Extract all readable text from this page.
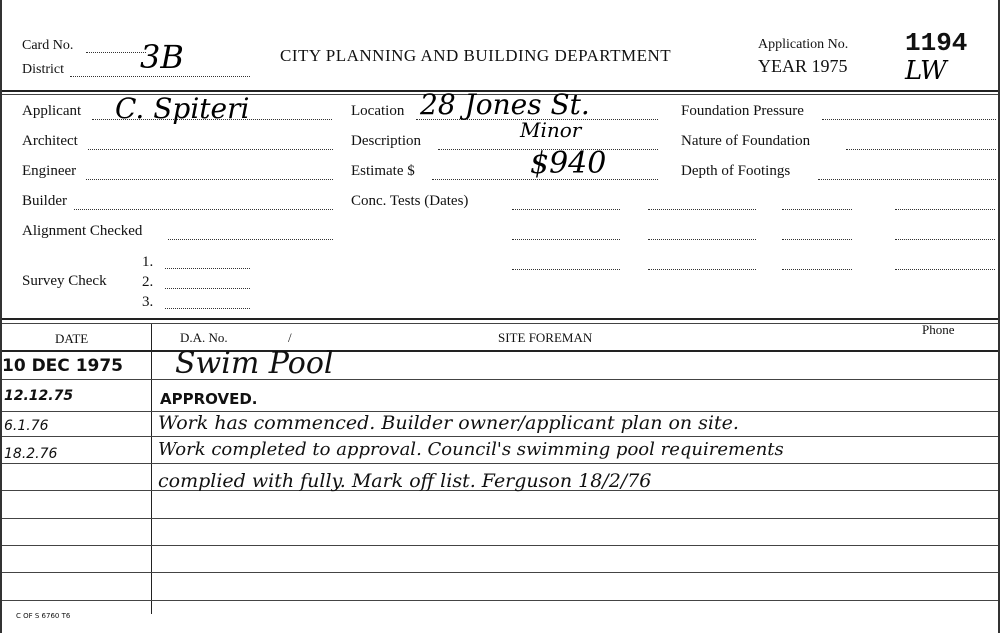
Card No.
District 3B	CITY PLANNING AND BUILDING DEPARTMENT
Application No.
YEAR 1975
1194
LW
Applicant C. Spiteri
Architect
Engineer
Builder
Alignment Checked
Survey Check
1.
2.
3.
Location 28 Jones St.
Description	Minor
Estimate $	$940
Conc. Tests (Dates)
Foundation Pressure
Nature of Foundation
Depth of Footings
DATE	D.A. No.	/	SITE FOREMAN
Phone
10 DEC 1975 Swim Pool
12.12.75	APPROVED.
6.1.76	Work has commenced. Builder owner/applicant plan on site.
18.2.76	Work completed to approval. Council's swimming pool requirements
complied with fully. Mark off list. Ferguson 18/2/76
C OF S 6760 T6
